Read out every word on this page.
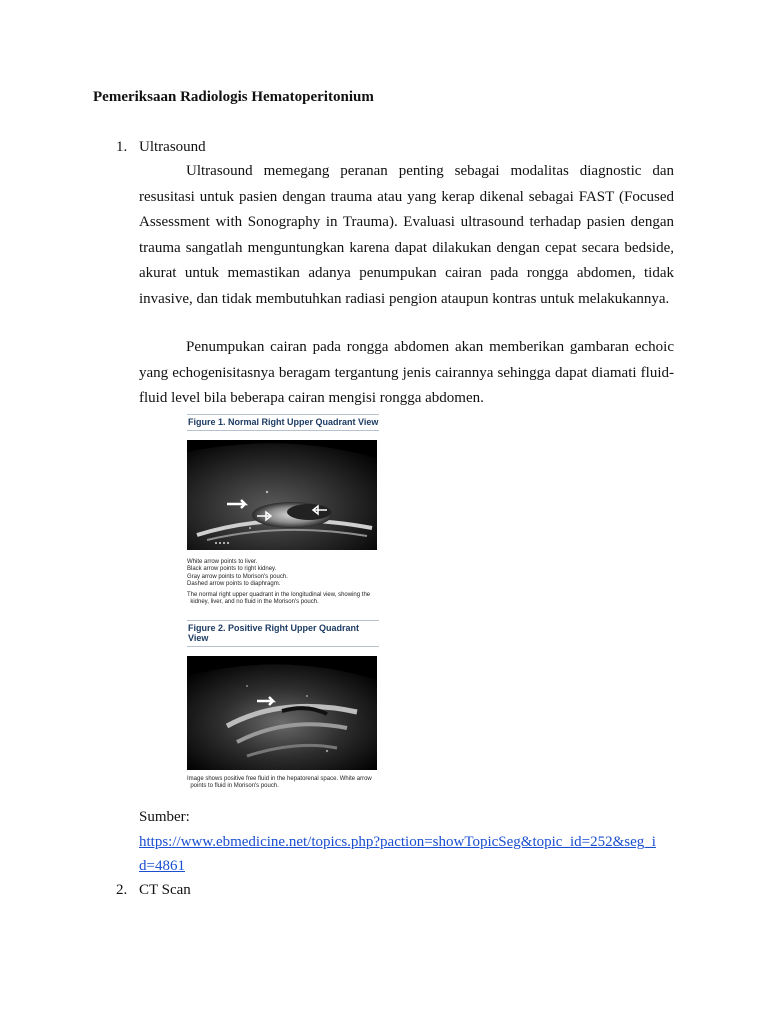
Pemeriksaan Radiologis Hematoperitonium
1. Ultrasound

Ultrasound memegang peranan penting sebagai modalitas diagnostic dan resusitasi untuk pasien dengan trauma atau yang kerap dikenal sebagai FAST (Focused Assessment with Sonography in Trauma). Evaluasi ultrasound terhadap pasien dengan trauma sangatlah menguntungkan karena dapat dilakukan dengan cepat secara bedside, akurat untuk memastikan adanya penumpukan cairan pada rongga abdomen, tidak invasive, dan tidak membutuhkan radiasi pengion ataupun kontras untuk melakukannya.

Penumpukan cairan pada rongga abdomen akan memberikan gambaran echoic yang echogenisitasnya beragam tergantung jenis cairannya sehingga dapat diamati fluid-fluid level bila beberapa cairan mengisi rongga abdomen.

Figure 1. Normal Right Upper Quadrant View
White arrow points to liver.
Black arrow points to right kidney.
Gray arrow points to Morison's pouch.
Dashed arrow points to diaphragm.
The normal right upper quadrant in the longitudinal view, showing the
kidney, liver, and no fluid in the Morison's pouch.
Figure 2. Positive Right Upper Quadrant View
Image shows positive free fluid in the hepatorenal space. White arrow
points to fluid in Morison's pouch.
Sumber:
https://www.ebmedicine.net/topics.php?paction=showTopicSeg&topic_id=252&seg_i
d=4861
2. CT Scan
